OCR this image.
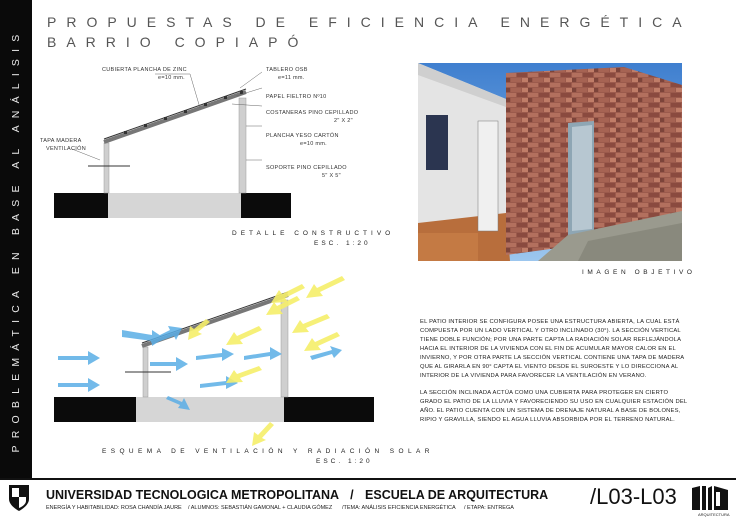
PROBLEMÁTICA EN BASE AL ANÁLISIS
PROPUESTAS DE EFICIENCIA ENERGÉTICA
BARRIO COPIAPÓ
CUBIERTA PLANCHA DE ZINC
e=10 mm.
TABLERO OSB
e=11 mm.
PAPEL FIELTRO Nº10
COSTANERAS PINO CEPILLADO
2" X 2"
PLANCHA YESO CARTÓN
e=10 mm.
SOPORTE PINO CEPILLADO
5" X 5"
TAPA MADERA
VENTILACIÓN
DETALLE CONSTRUCTIVO
ESC. 1:20
ESQUEMA DE VENTILACIÓN Y RADIACIÓN SOLAR
ESC. 1:20
IMAGEN OBJETIVO

EL PATIO INTERIOR SE CONFIGURA POSEE UNA ESTRUCTURA ABIERTA, LA CUAL ESTÁ COMPUESTA POR UN LADO VERTICAL Y OTRO INCLINADO (30°). LA SECCIÓN VERTICAL TIENE DOBLE FUNCIÓN; POR UNA PARTE CAPTA LA RADIACIÓN SOLAR REFLEJÁNDOLA HACIA EL INTERIOR DE LA VIVIENDA CON EL FIN DE ACUMULAR MAYOR CALOR EN EL INVIERNO, Y POR OTRA PARTE LA SECCIÓN VERTICAL CONTIENE UNA TAPA DE MADERA QUE AL GIRARLA EN 90° CAPTA EL VIENTO DESDE EL SUROESTE Y LO DIRECCIONA AL INTERIOR DE LA VIVIENDA PARA FAVORECER LA VENTILACIÓN EN VERANO.

LA SECCIÓN INCLINADA ACTÚA COMO UNA CUBIERTA PARA PROTEGER EN CIERTO GRADO EL PATIO DE LA LLUVIA Y FAVORECIENDO SU USO EN CUALQUIER ESTACIÓN DEL AÑO. EL PATIO CUENTA CON UN SISTEMA DE DRENAJE NATURAL A BASE DE BOLONES, RIPIO Y GRAVILLA, SIENDO EL AGUA LLUVIA ABSORBIDA POR EL TERRENO NATURAL.

UNIVERSIDAD TECNOLOGICA METROPOLITANA / ESCUELA DE ARQUITECTURA
ENERGÍA Y HABITABILIDAD: ROSA CHANDÍA JAURE / ALUMNOS: SEBASTIÁN GAMONAL + CLAUDIA GÓMEZ /TEMA: ANÁLISIS EFICIENCIA ENERGÉTICA / ETAPA: ENTREGA	/L03-L03
ARQUITECTURA
